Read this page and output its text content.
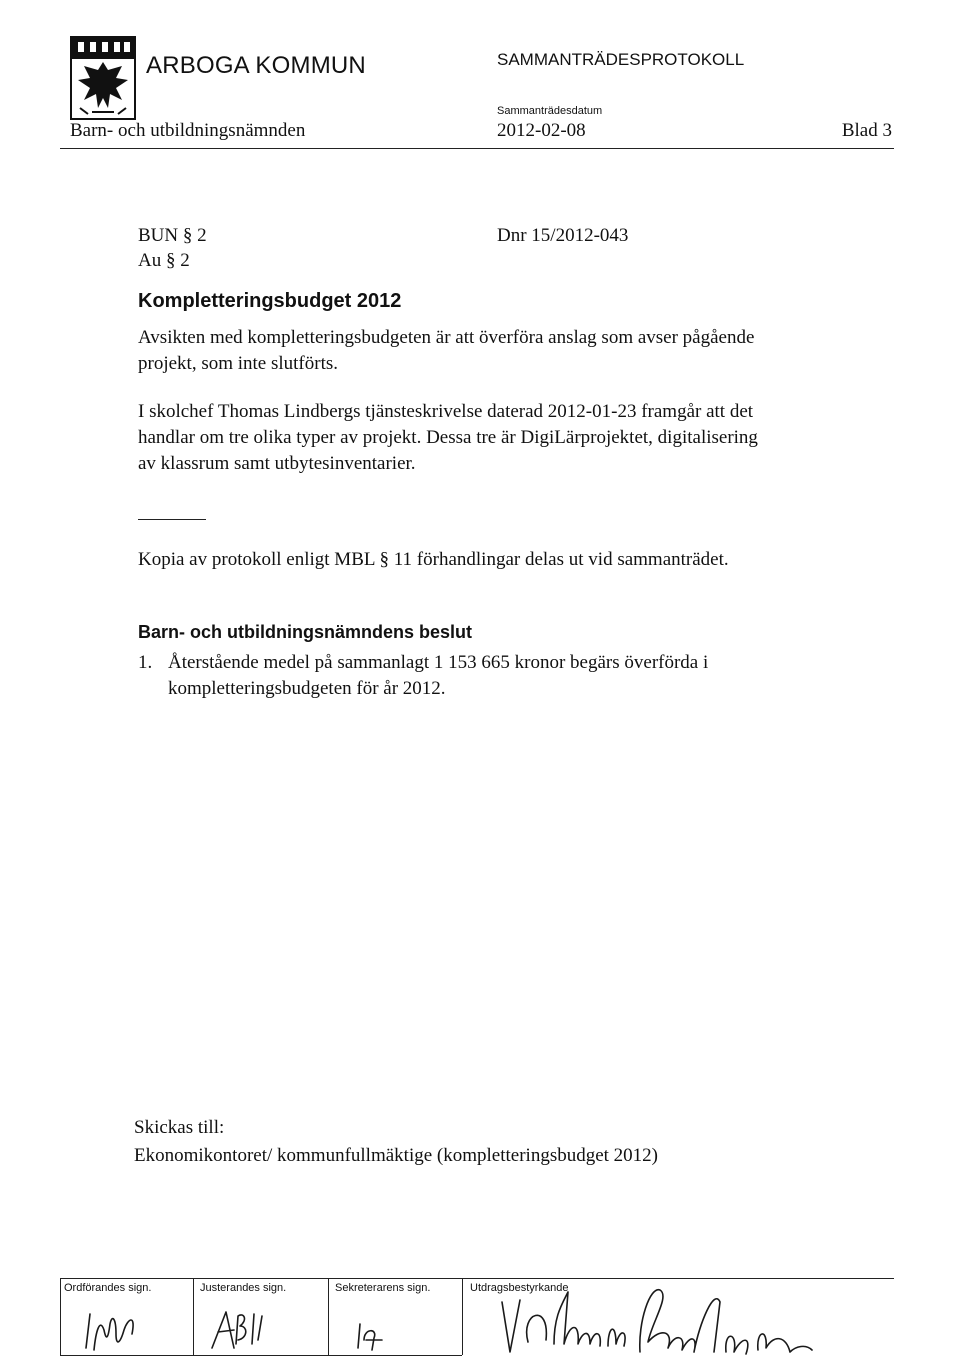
ARBOGA KOMMUN	SAMMANTRÄDESPROTOKOLL
Sammanträdesdatum
Barn- och utbildningsnämnden	2012-02-08	Blad 3
BUN § 2
Au § 2
Dnr 15/2012-043
Kompletteringsbudget 2012
Avsikten med kompletteringsbudgeten är att överföra anslag som avser pågående projekt, som inte slutförts.
I skolchef Thomas Lindbergs tjänsteskrivelse daterad 2012-01-23 framgår att det handlar om tre olika typer av projekt. Dessa tre är DigiLärprojektet, digitalisering av klassrum samt utbytesinventarier.
Kopia av protokoll enligt MBL § 11 förhandlingar delas ut vid sammanträdet.
Barn- och utbildningsnämndens beslut
1. Återstående medel på sammanlagt 1 153 665 kronor begärs överförda i kompletteringsbudgeten för år 2012.
Skickas till:
Ekonomikontoret/ kommunfullmäktige (kompletteringsbudget 2012)
Ordförandes sign.	Justerandes sign.	Sekreterarens sign.	Utdragsbestyrkande
